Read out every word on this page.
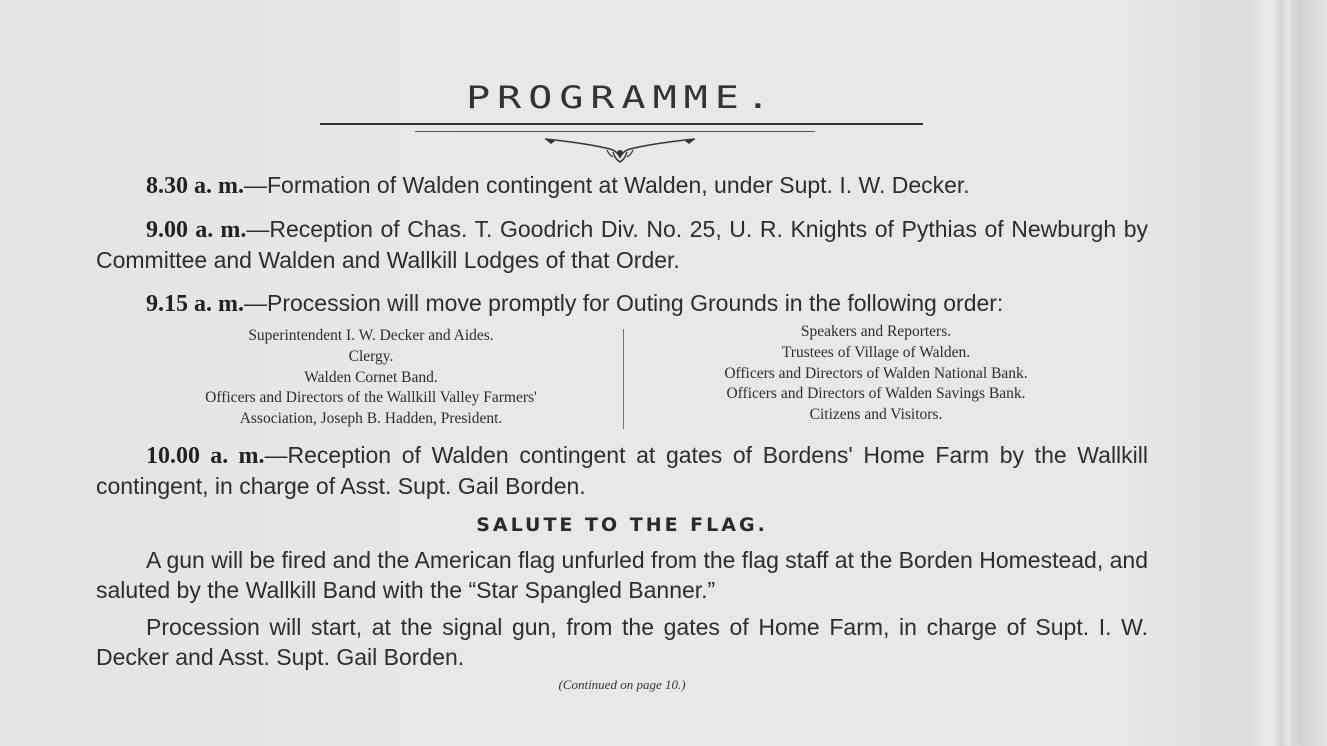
PROGRAMME.
8.30 a. m.—Formation of Walden contingent at Walden, under Supt. I. W. Decker.
9.00 a. m.—Reception of Chas. T. Goodrich Div. No. 25, U. R. Knights of Pythias of Newburgh by Committee and Walden and Wallkill Lodges of that Order.
9.15 a. m.—Procession will move promptly for Outing Grounds in the following order:
Superintendent I. W. Decker and Aides.
Clergy.
Walden Cornet Band.
Officers and Directors of the Wallkill Valley Farmers'
Association, Joseph B. Hadden, President.
Speakers and Reporters.
Trustees of Village of Walden.
Officers and Directors of Walden National Bank.
Officers and Directors of Walden Savings Bank.
Citizens and Visitors.
10.00 a. m.—Reception of Walden contingent at gates of Bordens' Home Farm by the Wallkill contingent, in charge of Asst. Supt. Gail Borden.
SALUTE TO THE FLAG.
A gun will be fired and the American flag unfurled from the flag staff at the Borden Homestead, and saluted by the Wallkill Band with the “Star Spangled Banner.”
Procession will start, at the signal gun, from the gates of Home Farm, in charge of Supt. I. W. Decker and Asst. Supt. Gail Borden.
(Continued on page 10.)
